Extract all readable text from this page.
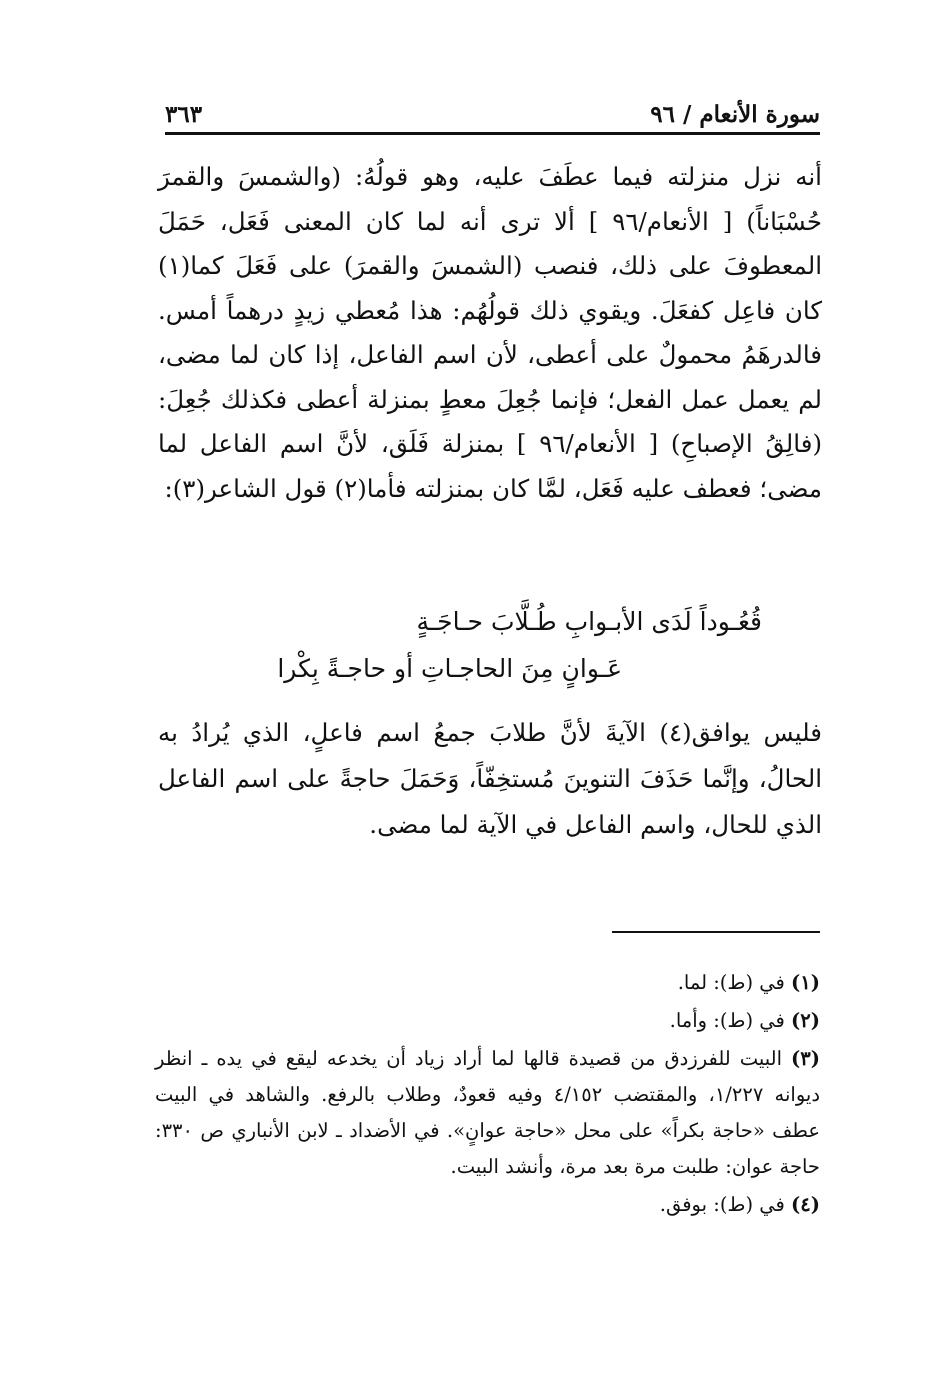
سورة الأنعام / ٩٦
٣٦٣

أنه نزل منزلته فيما عطَفَ عليه، وهو قولُهُ: (والشمسَ والقمرَ حُسْبَاناً) [ الأنعام/٩٦ ] ألا ترى أنه لما كان المعنى فَعَل، حَمَلَ المعطوفَ على ذلك، فنصب (الشمسَ والقمرَ) على فَعَلَ كما(١) كان فاعِل كفعَلَ. ويقوي ذلك قولُهُم: هذا مُعطي زيدٍ درهماً أمس. فالدرهَمُ محمولٌ على أعطى، لأن اسم الفاعل، إذا كان لما مضى، لم يعمل عمل الفعل؛ فإنما جُعِلَ معطٍ بمنزلة أعطى فكذلك جُعِلَ: (فالِقُ الإصباحِ) [ الأنعام/٩٦ ] بمنزلة فَلَق، لأنَّ اسم الفاعل لما مضى؛ فعطف عليه فَعَل، لمَّا كان بمنزلته فأما(٢) قول الشاعر(٣):

قُعُـوداً لَدَى الأبـوابِ طُـلَّابَ حـاجَـةٍ
عَـوانٍ مِنَ الحاجـاتِ أو حاجـةً بِكْرا

فليس يوافق(٤) الآيةَ لأنَّ طلابَ جمعُ اسم فاعلٍ، الذي يُرادُ به الحالُ، وإنَّما حَذَفَ التنوينَ مُستخِفّاً، وَحَمَلَ حاجةً على اسم الفاعل الذي للحال، واسم الفاعل في الآية لما مضى.

(١) في (ط): لما.

(٢) في (ط): وأما.

(٣) البيت للفرزدق من قصيدة قالها لما أراد زياد أن يخدعه ليقع في يده ـ انظر ديوانه ١/٢٢٧، والمقتضب ٤/١٥٢ وفيه قعودٌ، وطلاب بالرفع. والشاهد في البيت عطف «حاجة بكراً» على محل «حاجة عوانٍ». في الأضداد ـ لابن الأنباري ص ٣٣٠: حاجة عوان: طلبت مرة بعد مرة، وأنشد البيت.

(٤) في (ط): بوفق.
